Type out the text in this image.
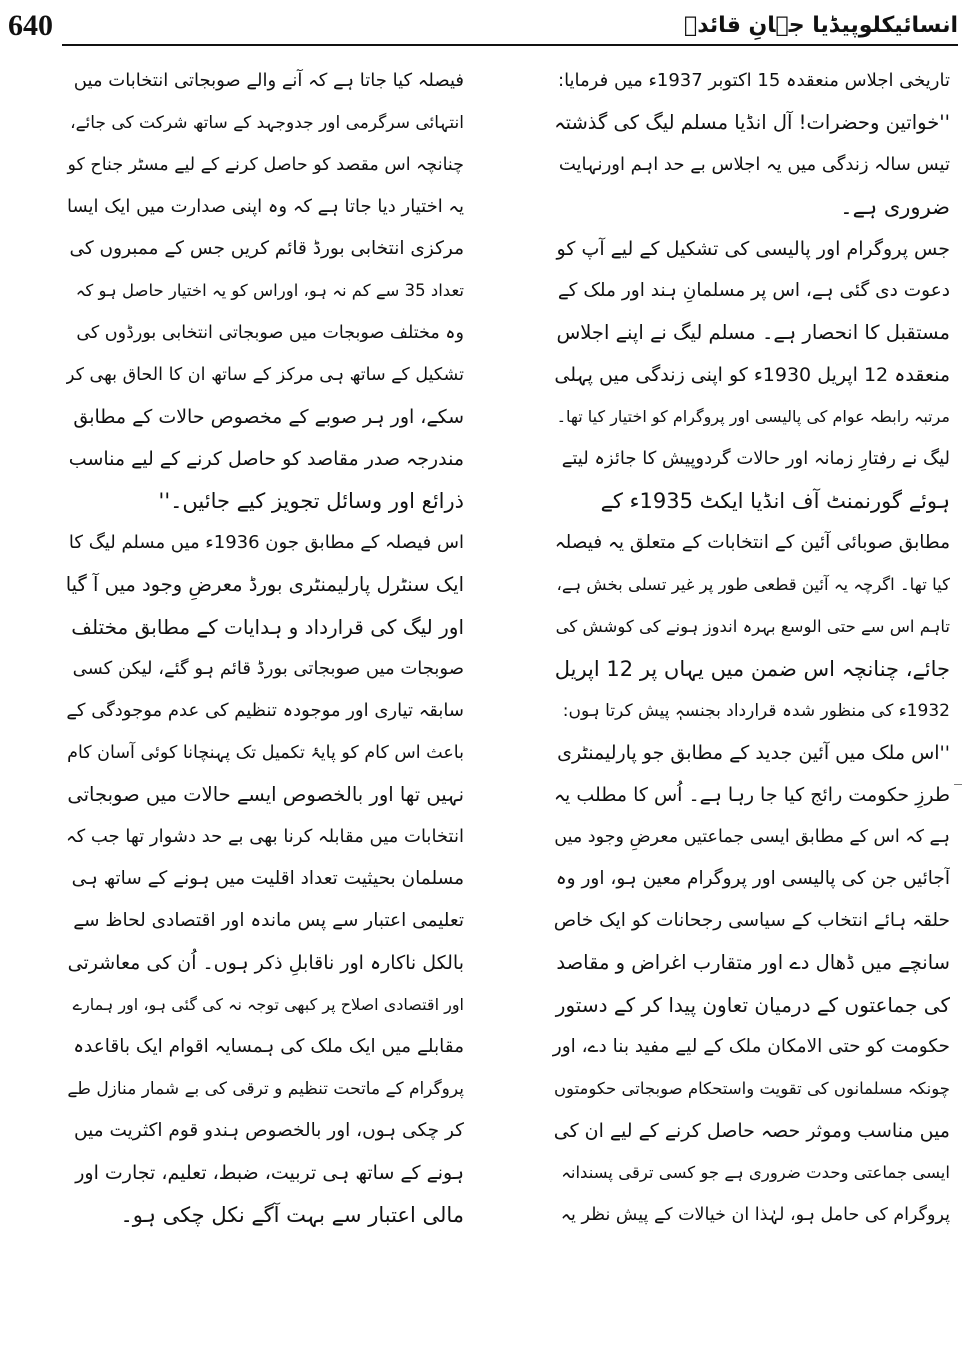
640	انسائیکلوپیڈیا جہانِ قائدؒ
تاریخی اجلاس منعقدہ 15 اکتوبر 1937ء میں فرمایا:
''خواتین وحضرات! آل انڈیا مسلم لیگ کی گذشتہ
تیس سالہ زندگی میں یہ اجلاس بے حد اہم اورنہایت
ضروری ہے۔
جس پروگرام اور پالیسی کی تشکیل کے لیے آپ کو
دعوت دی گئی ہے، اس پر مسلمانِ ہند اور ملک کے
مستقبل کا انحصار ہے۔ مسلم لیگ نے اپنے اجلاس
منعقدہ 12 اپریل 1930ء کو اپنی زندگی میں پہلی
مرتبہ رابطہ عوام کی پالیسی اور پروگرام کو اختیار کیا تھا۔
لیگ نے رفتارِ زمانہ اور حالات گردوپیش کا جائزہ لیتے
ہوئے گورنمنٹ آف انڈیا ایکٹ 1935ء کے
مطابق صوبائی آئین کے انتخابات کے متعلق یہ فیصلہ
کیا تھا۔ اگرچہ یہ آئین قطعی طور پر غیر تسلی بخش ہے،
تاہم اس سے حتی الوسع بہرہ اندوز ہونے کی کوشش کی
جائے، چنانچہ اس ضمن میں یہاں پر 12 اپریل
1932ء کی منظور شدہ قرارداد بجنسہٖ پیش کرتا ہوں:
''اس ملک میں آئین جدید کے مطابق جو پارلیمنٹری
طرزِ حکومت رائج کیا جا رہا ہے۔ اُس کا مطلب یہ
ہے کہ اس کے مطابق ایسی جماعتیں معرضِ وجود میں
آجائیں جن کی پالیسی اور پروگرام معین ہو، اور وہ
حلقہ ہائے انتخاب کے سیاسی رجحانات کو ایک خاص
سانچے میں ڈھال دے اور متقارب اغراض و مقاصد
کی جماعتوں کے درمیان تعاون پیدا کر کے دستور
حکومت کو حتی الامکان ملک کے لیے مفید بنا دے، اور
چونکہ مسلمانوں کی تقویت واستحکام صوبجاتی حکومتوں
میں مناسب وموثر حصہ حاصل کرنے کے لیے ان کی
ایسی جماعتی وحدت ضروری ہے جو کسی ترقی پسندانہ
پروگرام کی حامل ہو، لہٰذا ان خیالات کے پیش نظر یہ
فیصلہ کیا جاتا ہے کہ آنے والے صوبجاتی انتخابات میں
انتہائی سرگرمی اور جدوجہد کے ساتھ شرکت کی جائے،
چنانچہ اس مقصد کو حاصل کرنے کے لیے مسٹر جناح کو
یہ اختیار دیا جاتا ہے کہ وہ اپنی صدارت میں ایک ایسا
مرکزی انتخابی بورڈ قائم کریں جس کے ممبروں کی
تعداد 35 سے کم نہ ہو، اوراس کو یہ اختیار حاصل ہو کہ
وہ مختلف صوبجات میں صوبجاتی انتخابی بورڈوں کی
تشکیل کے ساتھ ہی مرکز کے ساتھ ان کا الحاق بھی کر
سکے، اور ہر صوبے کے مخصوص حالات کے مطابق
مندرجہ صدر مقاصد کو حاصل کرنے کے لیے مناسب
ذرائع اور وسائل تجویز کیے جائیں۔''
اس فیصلہ کے مطابق جون 1936ء میں مسلم لیگ کا
ایک سنٹرل پارلیمنٹری بورڈ معرضِ وجود میں آ گیا
اور لیگ کی قرارداد و ہدایات کے مطابق مختلف
صوبجات میں صوبجاتی بورڈ قائم ہو گئے، لیکن کسی
سابقہ تیاری اور موجودہ تنظیم کی عدم موجودگی کے
باعث اس کام کو پایۂ تکمیل تک پہنچانا کوئی آسان کام
نہیں تھا اور بالخصوص ایسے حالات میں صوبجاتی
انتخابات میں مقابلہ کرنا بھی بے حد دشوار تھا جب کہ
مسلمان بحیثیت تعداد اقلیت میں ہونے کے ساتھ ہی
تعلیمی اعتبار سے پس ماندہ اور اقتصادی لحاظ سے
بالکل ناکارہ اور ناقابلِ ذکر ہوں۔ اُن کی معاشرتی
اور اقتصادی اصلاح پر کبھی توجہ نہ کی گئی ہو، اور ہمارے
مقابلے میں ایک ملک کی ہمسایہ اقوام ایک باقاعدہ
پروگرام کے ماتحت تنظیم و ترقی کی بے شمار منازل طے
کر چکی ہوں، اور بالخصوص ہندو قوم اکثریت میں
ہونے کے ساتھ ہی تربیت، ضبط، تعلیم، تجارت اور
مالی اعتبار سے بہت آگے نکل چکی ہو۔
